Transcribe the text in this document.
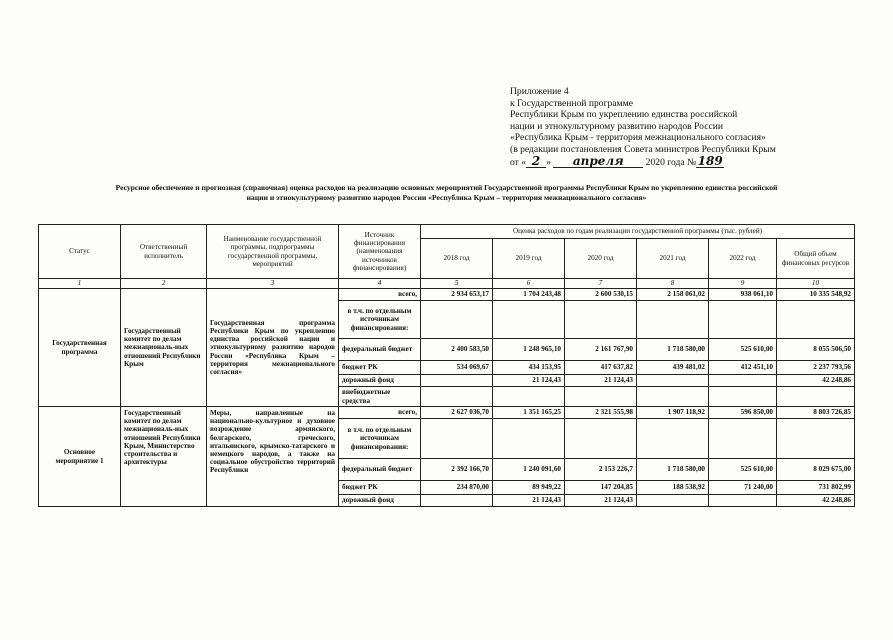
Приложение 4
к Государственной программе
Республики Крым по укреплению единства российской
нации и этнокультурному развитию народов России
«Республика Крым - территория межнационального согласия»
(в редакции постановления Совета министров Республики Крым
от « 2 » апреля 2020 года №189
Ресурсное обеспечение и прогнозная (справочная) оценка расходов на реализацию основных мероприятий Государственной программы Республики Крым по укреплению единства российской
нации и этнокультурному развитию народов России «Республика Крым – территория межнационального согласия»
Статус	Ответственный исполнитель	Наименование государственной программы, подпрограммы государственной программы, мероприятий	Источник финансирования (наименования источников финансирования)	Оценка расходов по годам реализации государственной программы (тыс. рублей)					
				2018 год	2019 год	2020 год	2021 год	2022 год	Общий объем финансовых ресурсов
1	2	3	4	5	6	7	8	9	10
Государственная программа	Государственный комитет по делам межнациональ-ных отношений Республики Крым	Государственная программа Республики Крым по укреплению единства российской нации и этнокультурному развитию народов России «Республика Крым – территория межнационального согласия»	всего,	2 934 653,17	1 704 243,48	2 600 530,15	2 158 061,02	938 061,10	10 335 548,92
			в т.ч. по отдельным источникам финансирования:						
			федеральный бюджет	2 400 583,50	1 248 965,10	2 161 767,90	1 718 580,00	525 610,00	8 055 506,50
			бюджет РК	534 069,67	434 153,95	417 637,82	439 481,02	412 451,10	2 237 793,56
			дорожный фонд		21 124,43	21 124,43			42 248,86
			внебюджетные средства						
Основное мероприятие 1	Государственный комитет по делам межнациональ-ных отношений Республики Крым, Министерство строительства и архитектуры	Меры, направленные на национально-культурное и духовное возрождение армянского, болгарского, греческого, итальянского, крымско-татарского и немецкого народов, а также на социальное обустройство территорий Республики	всего,	2 627 036,70	1 351 165,25	2 321 555,98	1 907 118,92	596 850,00	8 803 726,85
			в т.ч. по отдельным источникам финансирования:						
			федеральный бюджет	2 392 166,70	1 240 091,60	2 153 226,7	1 718 580,00	525 610,00	8 029 675,00
			бюджет РК	234 870,00	89 949,22	147 204,85	188 538,92	71 240,00	731 802,99
			дорожный фонд		21 124,43	21 124,43			42 248,86
